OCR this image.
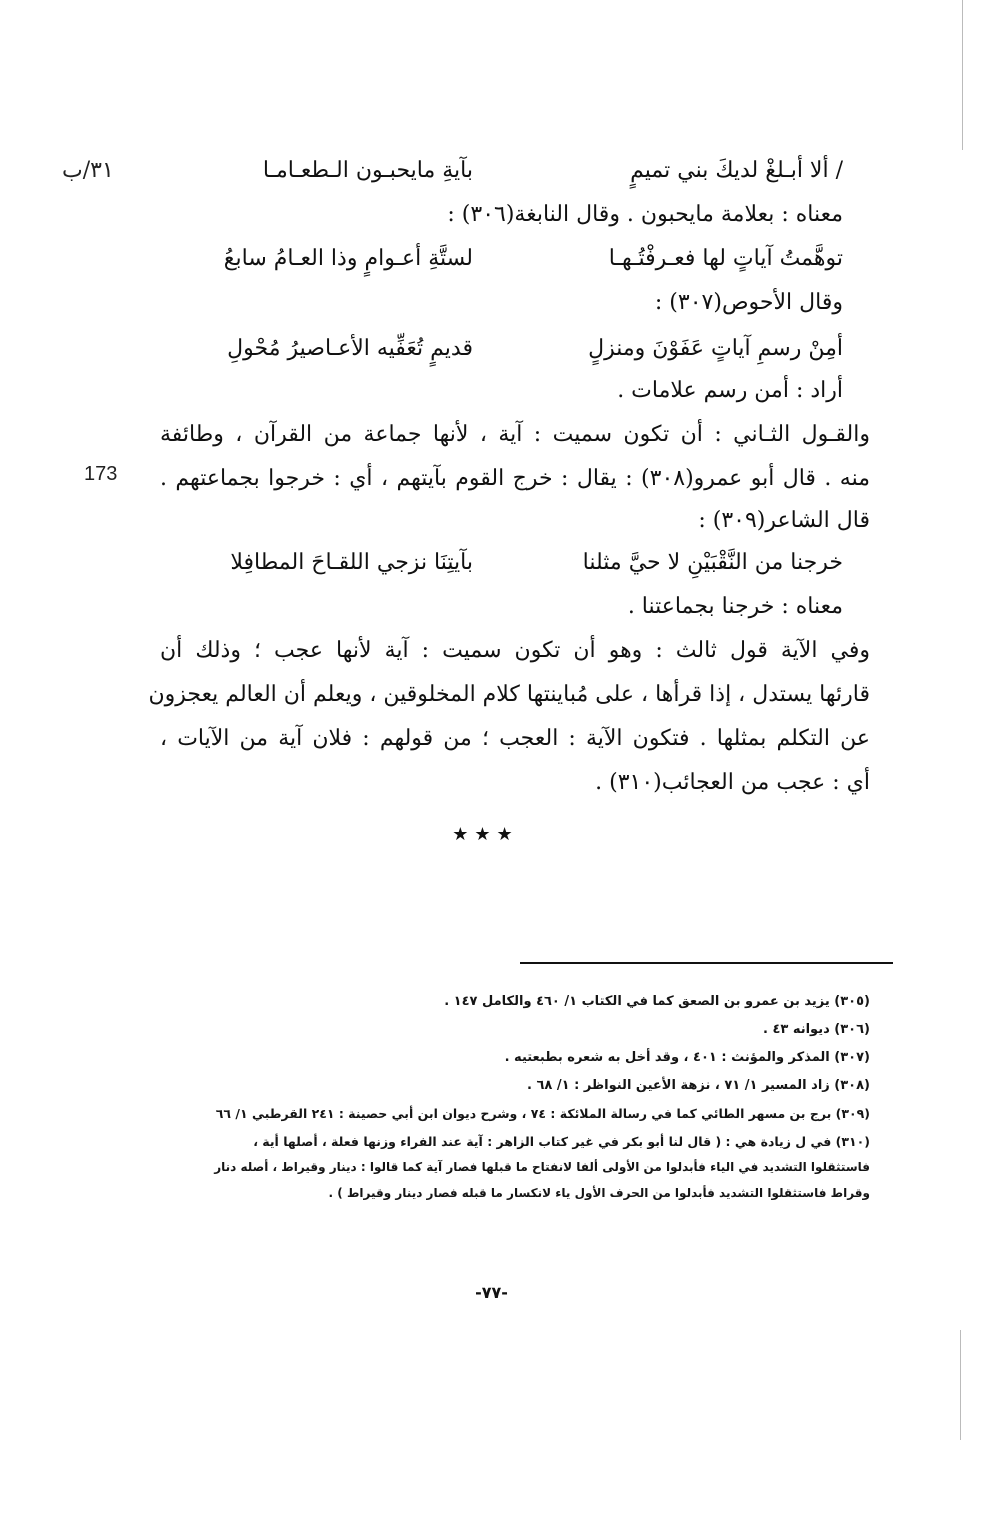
٣١/ب
173
/ ألا أبـلغْ لديكَ بني تميمٍ
بآيةِ مايحبـون الـطعـامـا
معناه : بعلامة مايحبون . وقال النابغة(٣٠٦) :
توهَّمتُ آياتٍ لها فعـرفْتُـهـا
لستَّةِ أعـوامٍ وذا العـامُ سابعُ
وقال الأحوص(٣٠٧) :
أمِنْ رسمِ آياتٍ عَفَوْنَ ومنزلٍ
قديمٍ تُعَفِّيه الأعـاصيرُ مُحْولِ
أراد : أمن رسم علامات .
والقـول الثـاني : أن تكون سميت : آية ، لأنها جماعة من القرآن ، وطائفة
منه . قال أبو عمرو(٣٠٨) : يقال : خرج القوم بآيتهم ، أي : خرجوا بجماعتهم .
قال الشاعر(٣٠٩) :
خرجنا من النَّقْبَيْنِ لا حيَّ مثلنا
بآيتِنَا نزجي اللقـاحَ المطافِلا
معناه : خرجنا بجماعتنا .
وفي الآية قول ثالث : وهو أن تكون سميت : آية لأنها عجب ؛ وذلك أن
قارئها يستدل ، إذا قرأها ، على مُباينتها كلام المخلوقين ، ويعلم أن العالم يعجزون
عن التكلم بمثلها . فتكون الآية : العجب ؛ من قولهم : فلان آية من الآيات ،
أي : عجب من العجائب(٣١٠) .
★★★
(٣٠٥) يزيد بن عمرو بن الصعق كما في الكتاب ١/ ٤٦٠ والكامل ١٤٧ .
(٣٠٦) ديوانه ٤٣ .
(٣٠٧) المذكر والمؤنث : ٤٠١ ، وقد أخل به شعره بطبعتيه .
(٣٠٨) زاد المسير ١/ ٧١ ، نزهة الأعين النواظر : ١/ ٦٨ .
(٣٠٩) برج بن مسهر الطائي كما في رسالة الملائكة : ٧٤ ، وشرح ديوان ابن أبي حصينة : ٢٤١ القرطبي ١/ ٦٦
(٣١٠) في ل زيادة هي : ( قال لنا أبو بكر في غير كتاب الزاهر : آية عند الفراء وزنها فعلة ، أصلها أية ،
فاستثقلوا التشديد في الياء فأبدلوا من الأولى ألفا لانفتاح ما قبلها فصار آية كما قالوا : دينار وقيراط ، أصله دنار
وقراط فاستثقلوا التشديد فأبدلوا من الحرف الأول ياء لانكسار ما قبله فصار دينار وقيراط ) .
-٧٧-
